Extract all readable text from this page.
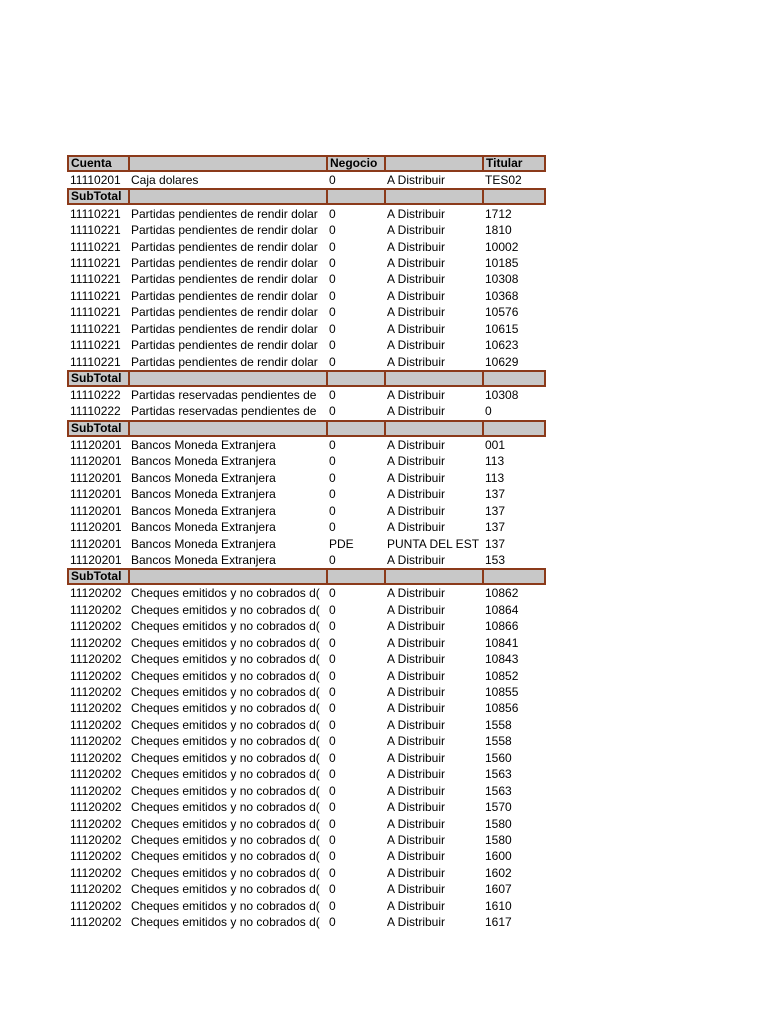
Cuenta		Negocio		Titular
11110201	Caja dolares	0	A Distribuir	TES02
SubTotal				
11110221	Partidas pendientes de rendir dolar	0	A Distribuir	1712
11110221	Partidas pendientes de rendir dolar	0	A Distribuir	1810
11110221	Partidas pendientes de rendir dolar	0	A Distribuir	10002
11110221	Partidas pendientes de rendir dolar	0	A Distribuir	10185
11110221	Partidas pendientes de rendir dolar	0	A Distribuir	10308
11110221	Partidas pendientes de rendir dolar	0	A Distribuir	10368
11110221	Partidas pendientes de rendir dolar	0	A Distribuir	10576
11110221	Partidas pendientes de rendir dolar	0	A Distribuir	10615
11110221	Partidas pendientes de rendir dolar	0	A Distribuir	10623
11110221	Partidas pendientes de rendir dolar	0	A Distribuir	10629
SubTotal				
11110222	Partidas reservadas pendientes de	0	A Distribuir	10308
11110222	Partidas reservadas pendientes de	0	A Distribuir	0
SubTotal				
11120201	Bancos Moneda Extranjera	0	A Distribuir	001
11120201	Bancos Moneda Extranjera	0	A Distribuir	113
11120201	Bancos Moneda Extranjera	0	A Distribuir	113
11120201	Bancos Moneda Extranjera	0	A Distribuir	137
11120201	Bancos Moneda Extranjera	0	A Distribuir	137
11120201	Bancos Moneda Extranjera	0	A Distribuir	137
11120201	Bancos Moneda Extranjera	PDE	PUNTA DEL EST	137
11120201	Bancos Moneda Extranjera	0	A Distribuir	153
SubTotal				
11120202	Cheques emitidos y no cobrados d(	0	A Distribuir	10862
11120202	Cheques emitidos y no cobrados d(	0	A Distribuir	10864
11120202	Cheques emitidos y no cobrados d(	0	A Distribuir	10866
11120202	Cheques emitidos y no cobrados d(	0	A Distribuir	10841
11120202	Cheques emitidos y no cobrados d(	0	A Distribuir	10843
11120202	Cheques emitidos y no cobrados d(	0	A Distribuir	10852
11120202	Cheques emitidos y no cobrados d(	0	A Distribuir	10855
11120202	Cheques emitidos y no cobrados d(	0	A Distribuir	10856
11120202	Cheques emitidos y no cobrados d(	0	A Distribuir	1558
11120202	Cheques emitidos y no cobrados d(	0	A Distribuir	1558
11120202	Cheques emitidos y no cobrados d(	0	A Distribuir	1560
11120202	Cheques emitidos y no cobrados d(	0	A Distribuir	1563
11120202	Cheques emitidos y no cobrados d(	0	A Distribuir	1563
11120202	Cheques emitidos y no cobrados d(	0	A Distribuir	1570
11120202	Cheques emitidos y no cobrados d(	0	A Distribuir	1580
11120202	Cheques emitidos y no cobrados d(	0	A Distribuir	1580
11120202	Cheques emitidos y no cobrados d(	0	A Distribuir	1600
11120202	Cheques emitidos y no cobrados d(	0	A Distribuir	1602
11120202	Cheques emitidos y no cobrados d(	0	A Distribuir	1607
11120202	Cheques emitidos y no cobrados d(	0	A Distribuir	1610
11120202	Cheques emitidos y no cobrados d(	0	A Distribuir	1617
